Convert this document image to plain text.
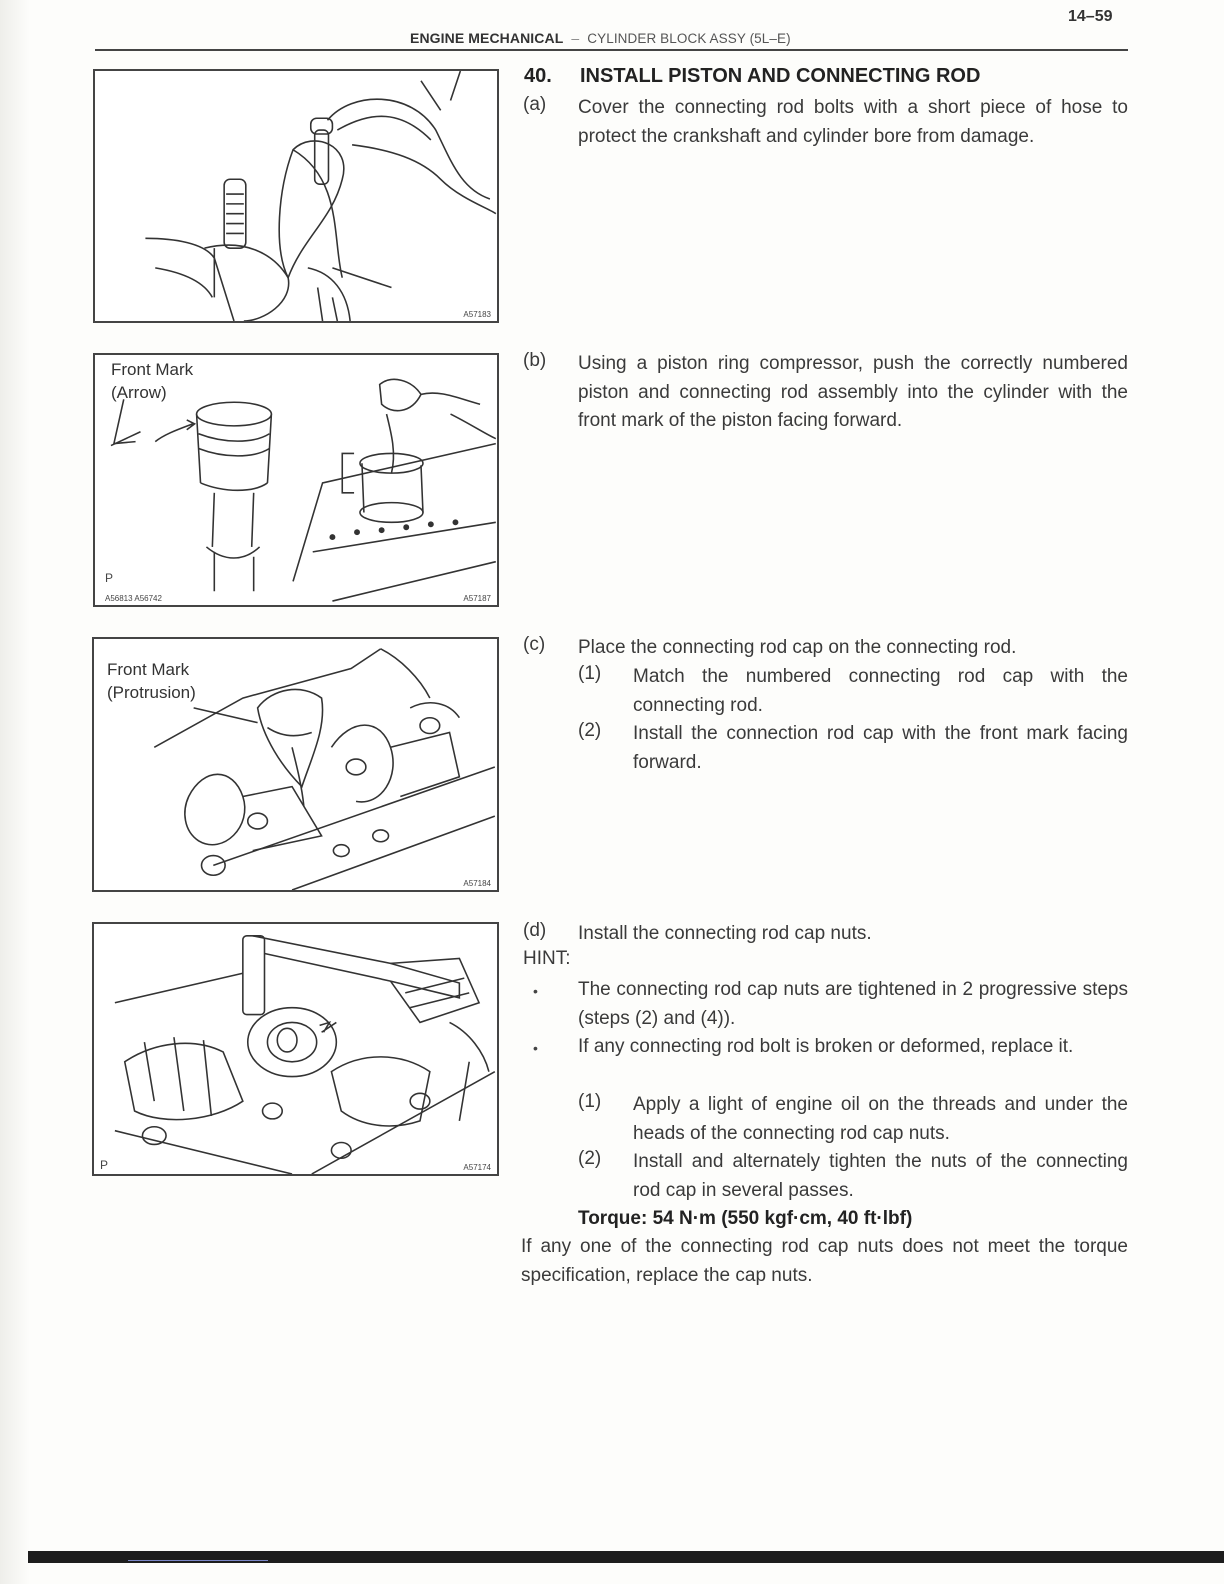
14–59
ENGINE MECHANICAL – CYLINDER BLOCK ASSY (5L–E)
A57183
Front Mark
(Arrow)
P
A56813 A56742	A57187
Front Mark
(Protrusion)
A57184
P	A57174
40. INSTALL PISTON AND CONNECTING ROD
(a) Cover the connecting rod bolts with a short piece of hose to protect the crankshaft and cylinder bore from damage.
(b) Using a piston ring compressor, push the correctly numbered piston and connecting rod assembly into the cylinder with the front mark of the piston facing forward.
(c) Place the connecting rod cap on the connecting rod.
(1) Match the numbered connecting rod cap with the connecting rod.
(2) Install the connection rod cap with the front mark facing forward.
(d) Install the connecting rod cap nuts.
HINT:
• The connecting rod cap nuts are tightened in 2 progressive steps (steps (2) and (4)).
• If any connecting rod bolt is broken or deformed, replace it.
(1) Apply a light of engine oil on the threads and under the heads of the connecting rod cap nuts.
(2) Install and alternately tighten the nuts of the connecting rod cap in several passes.
Torque: 54 N·m (550 kgf·cm, 40 ft·lbf)
If any one of the connecting rod cap nuts does not meet the torque specification, replace the cap nuts.
